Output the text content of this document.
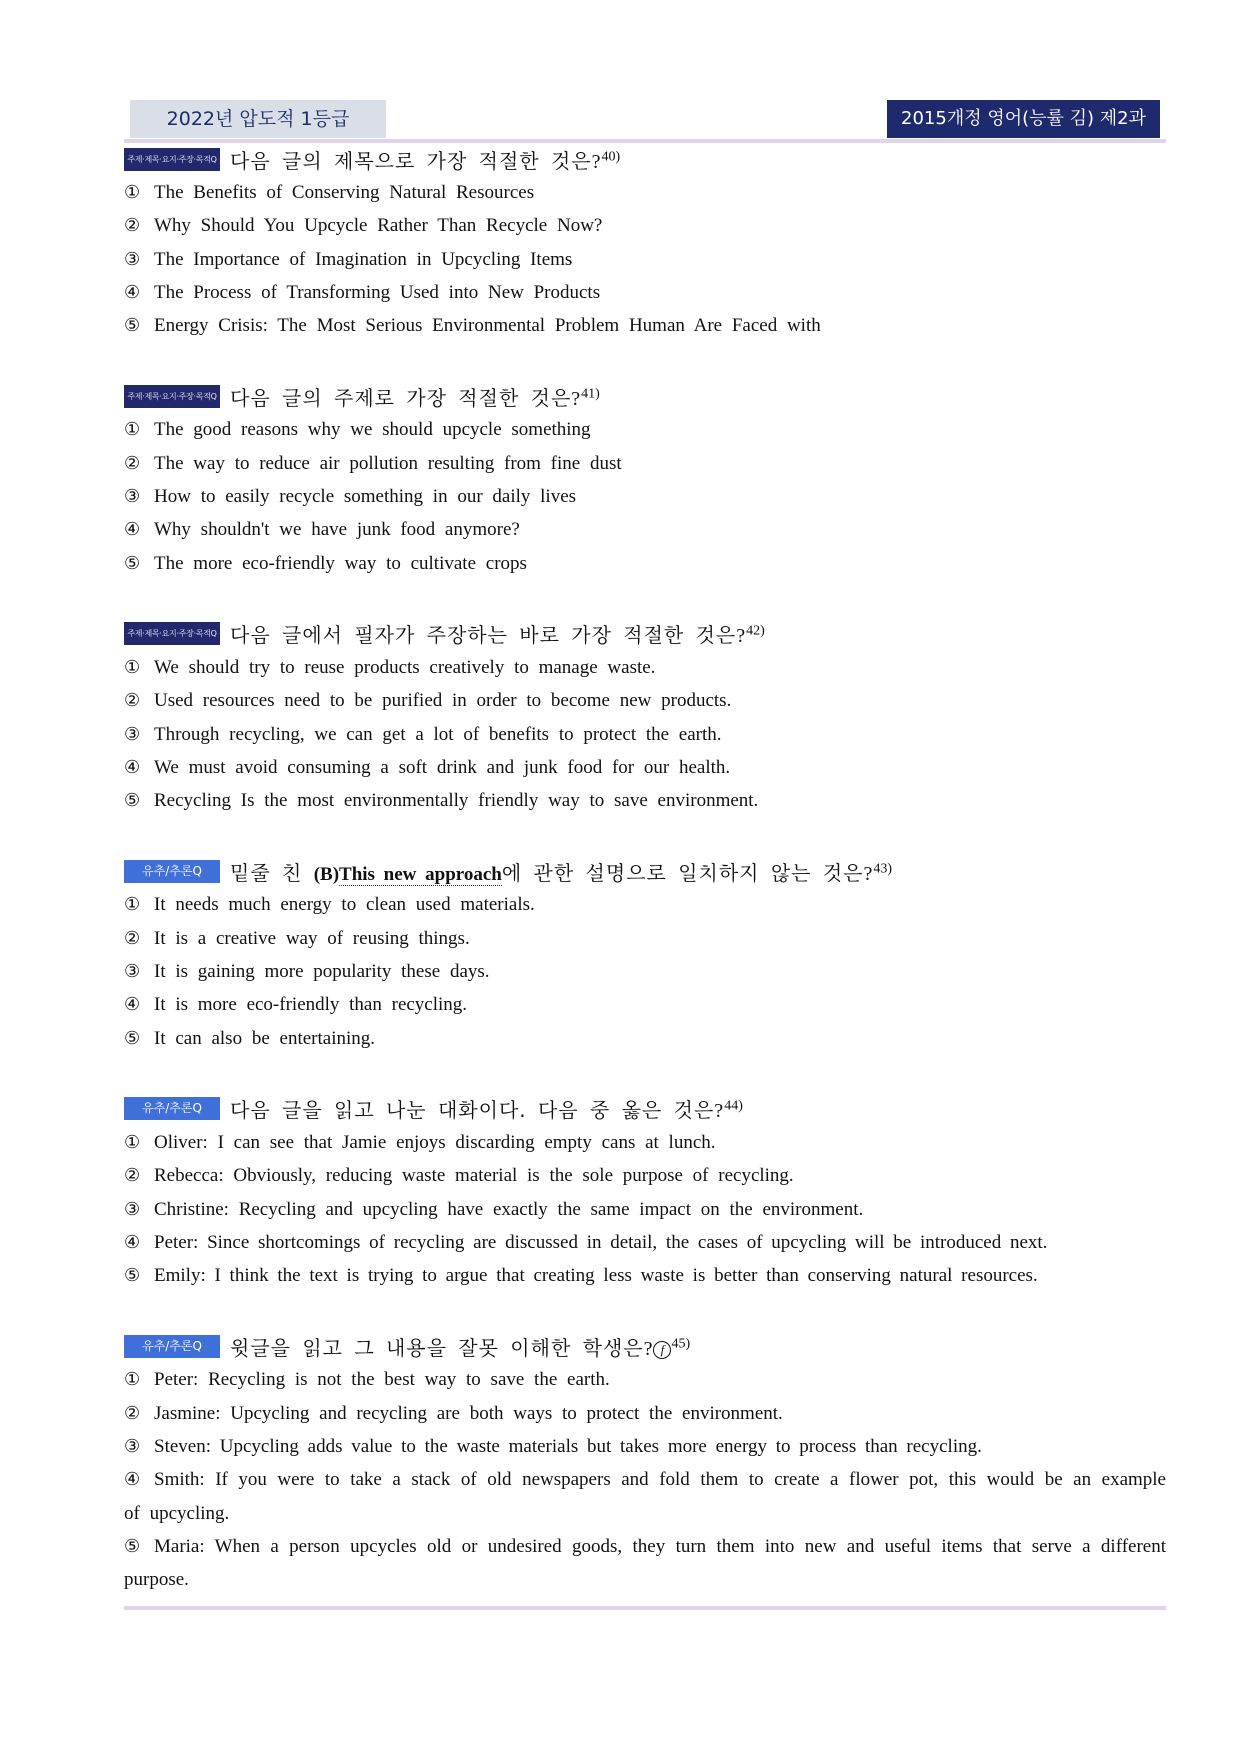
2022년 압도적 1등급	2015개정 영어(능률 김) 제2과
주제·제목·요지·주장·목적Q 다음 글의 제목으로 가장 적절한 것은?$^{40)}$
① The Benefits of Conserving Natural Resources
② Why Should You Upcycle Rather Than Recycle Now?
③ The Importance of Imagination in Upcycling Items
④ The Process of Transforming Used into New Products
⑤ Energy Crisis: The Most Serious Environmental Problem Human Are Faced with
주제·제목·요지·주장·목적Q 다음 글의 주제로 가장 적절한 것은?$^{41)}$
① The good reasons why we should upcycle something
② The way to reduce air pollution resulting from fine dust
③ How to easily recycle something in our daily lives
④ Why shouldn't we have junk food anymore?
⑤ The more eco-friendly way to cultivate crops
주제·제목·요지·주장·목적Q 다음 글에서 필자가 주장하는 바로 가장 적절한 것은?$^{42)}$
① We should try to reuse products creatively to manage waste.
② Used resources need to be purified in order to become new products.
③ Through recycling, we can get a lot of benefits to protect the earth.
④ We must avoid consuming a soft drink and junk food for our health.
⑤ Recycling Is the most environmentally friendly way to save environment.
유추/추론Q	밑줄 친 (B)This new approach에 관한 설명으로 일치하지 않는 것은?$^{43)}$
① It needs much energy to clean used materials.
② It is a creative way of reusing things.
③ It is gaining more popularity these days.
④ It is more eco-friendly than recycling.
⑤ It can also be entertaining.
유추/추론Q	다음 글을 읽고 나눈 대화이다. 다음 중 옳은 것은?$^{44)}$
① Oliver: I can see that Jamie enjoys discarding empty cans at lunch.
② Rebecca: Obviously, reducing waste material is the sole purpose of recycling.
③ Christine: Recycling and upcycling have exactly the same impact on the environment.
④ Peter: Since shortcomings of recycling are discussed in detail, the cases of upcycling will be introduced next.
⑤ Emily: I think the text is trying to argue that creating less waste is better than conserving natural resources.
유추/추론Q	윗글을 읽고 그 내용을 잘못 이해한 학생은? f $^{45)}$
① Peter: Recycling is not the best way to save the earth.
② Jasmine: Upcycling and recycling are both ways to protect the environment.
③ Steven: Upcycling adds value to the waste materials but takes more energy to process than recycling.
④ Smith: If you were to take a stack of old newspapers and fold them to create a flower pot, this would be an example of upcycling.
⑤ Maria: When a person upcycles old or undesired goods, they turn them into new and useful items that serve a different purpose.
